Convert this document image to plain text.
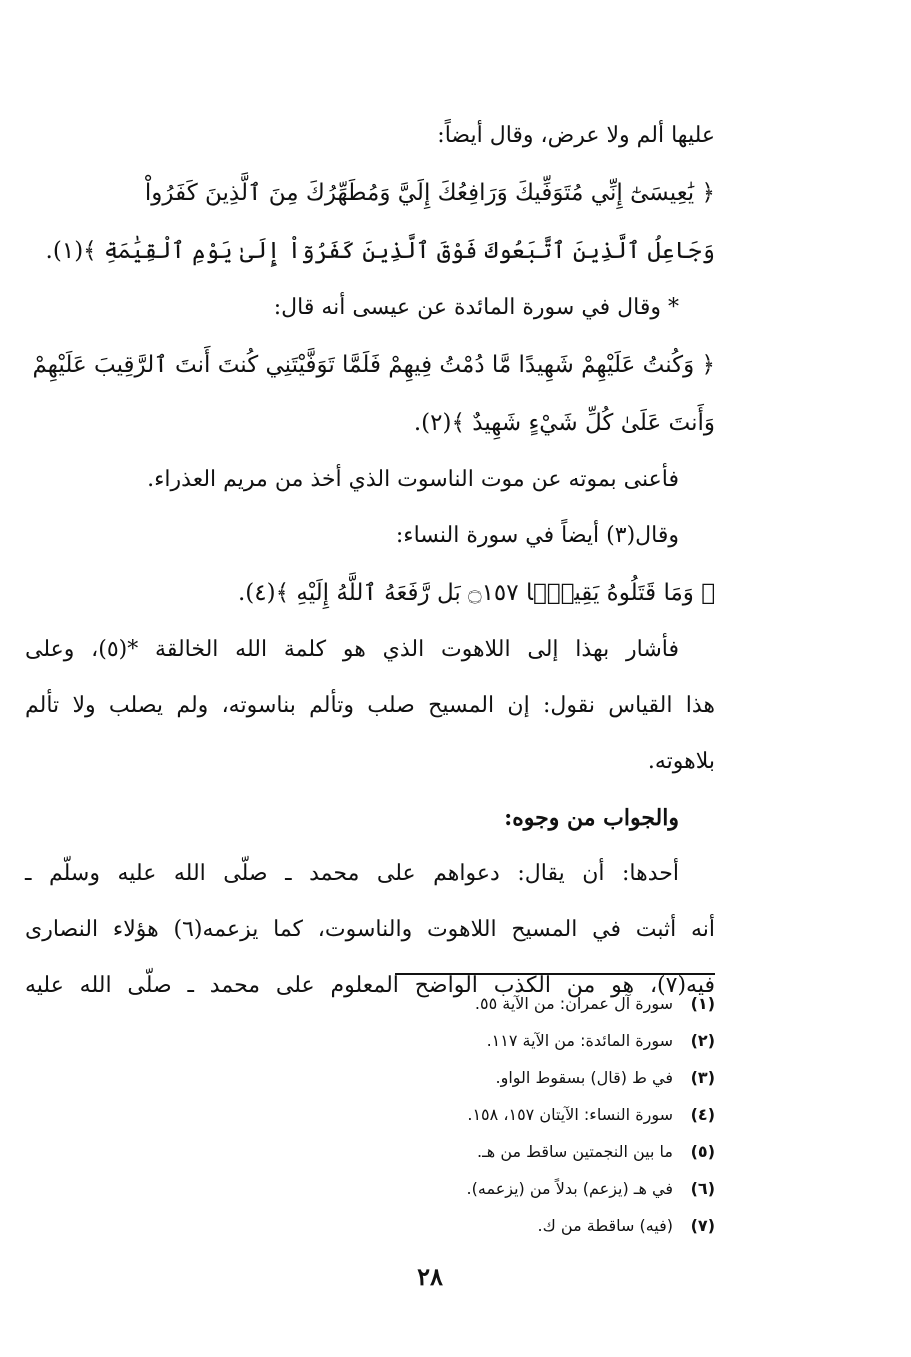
عليها ألم ولا عرض، وقال أيضاً:
﴿ يَٰعِيسَىٰٓ إِنِّي مُتَوَفِّيكَ وَرَافِعُكَ إِلَيَّ وَمُطَهِّرُكَ مِنَ ٱلَّذِينَ كَفَرُواْ
وَجَاعِلُ ٱلَّذِينَ ٱتَّبَعُوكَ فَوْقَ ٱلَّذِينَ كَفَرُوٓاْ إِلَىٰ يَوْمِ ٱلْقِيَٰمَةِ ﴾(١).
* وقال في سورة المائدة عن عيسى أنه قال:
﴿ وَكُنتُ عَلَيْهِمْ شَهِيدًا مَّا دُمْتُ فِيهِمْ فَلَمَّا تَوَفَّيْتَنِي كُنتَ أَنتَ ٱلرَّقِيبَ عَلَيْهِمْ
وَأَنتَ عَلَىٰ كُلِّ شَيْءٍ شَهِيدٌ ﴾(٢).
فأعنى بموته عن موت الناسوت الذي أخذ من مريم العذراء.
وقال(٣) أيضاً في سورة النساء:
﴿ وَمَا قَتَلُوهُ يَقِينًۢا ۝١٥٧ بَل رَّفَعَهُ ٱللَّهُ إِلَيْهِ ﴾(٤).
فأشار بهذا إلى اللاهوت الذي هو كلمة الله الخالقة *(٥)، وعلى
هذا القياس نقول: إن المسيح صلب وتألم بناسوته، ولم يصلب ولا تألم
بلاهوته.
والجواب من وجوه:
أحدها: أن يقال: دعواهم على محمد ـ صلّى الله عليه وسلّم ـ
أنه أثبت في المسيح اللاهوت والناسوت، كما يزعمه(٦) هؤلاء النصارى
فيه(٧)، هو من الكذب الواضح المعلوم على محمد ـ صلّى الله عليه
(١)سورة آل عمران: من الآية ٥٥.
(٢)سورة المائدة: من الآية ١١٧.
(٣)في ط (قال) بسقوط الواو.
(٤)سورة النساء: الآيتان ١٥٧، ١٥٨.
(٥)ما بين النجمتين ساقط من هـ.
(٦)في هـ (يزعم) بدلاً من (يزعمه).
(٧)(فيه) ساقطة من ك.
٢٨
